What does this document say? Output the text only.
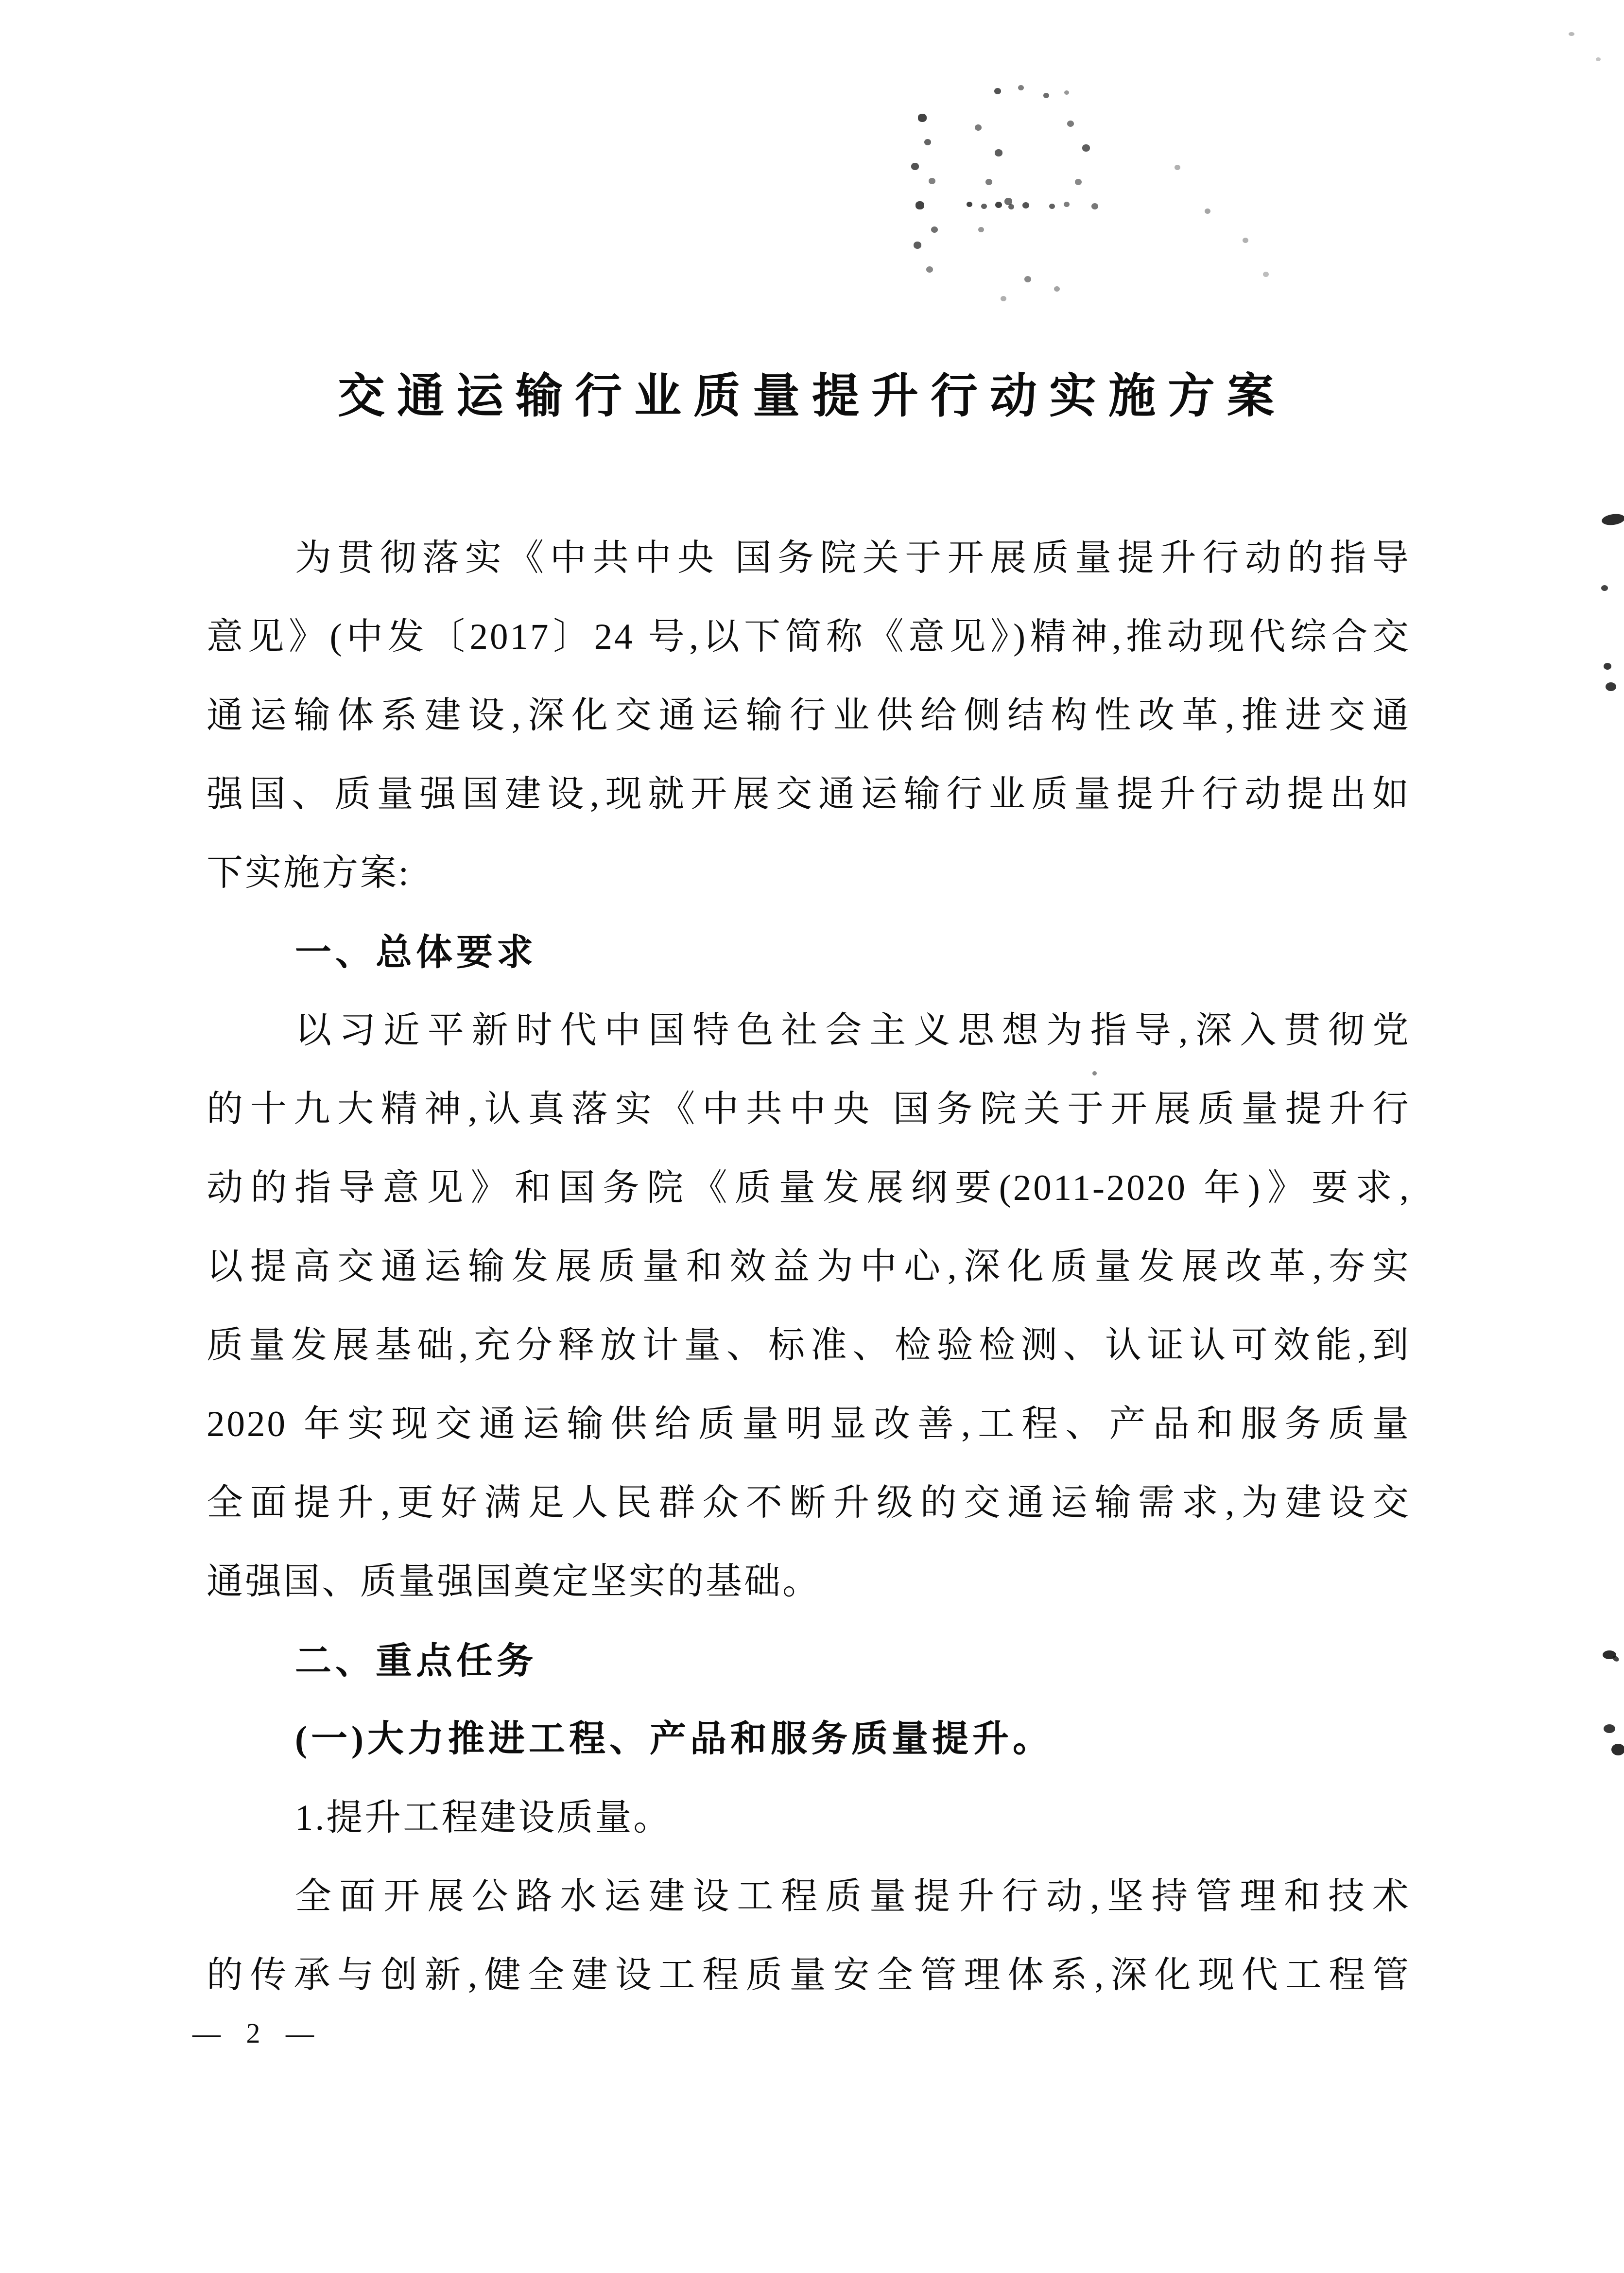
交通运输行业质量提升行动实施方案
为贯彻落实《中共中央 国务院关于开展质量提升行动的指导
意见》(中发〔2017〕24 号,以下简称《意见》)精神,推动现代综合交
通运输体系建设,深化交通运输行业供给侧结构性改革,推进交通
强国、质量强国建设,现就开展交通运输行业质量提升行动提出如
下实施方案:
一、总体要求
以习近平新时代中国特色社会主义思想为指导,深入贯彻党
的十九大精神,认真落实《中共中央 国务院关于开展质量提升行
动的指导意见》和国务院《质量发展纲要(2011-2020 年)》要求,
以提高交通运输发展质量和效益为中心,深化质量发展改革,夯实
质量发展基础,充分释放计量、标准、检验检测、认证认可效能,到
2020 年实现交通运输供给质量明显改善,工程、产品和服务质量
全面提升,更好满足人民群众不断升级的交通运输需求,为建设交
通强国、质量强国奠定坚实的基础。
二、重点任务
(一)大力推进工程、产品和服务质量提升。
1.提升工程建设质量。
全面开展公路水运建设工程质量提升行动,坚持管理和技术
的传承与创新,健全建设工程质量安全管理体系,深化现代工程管
— 2 —
